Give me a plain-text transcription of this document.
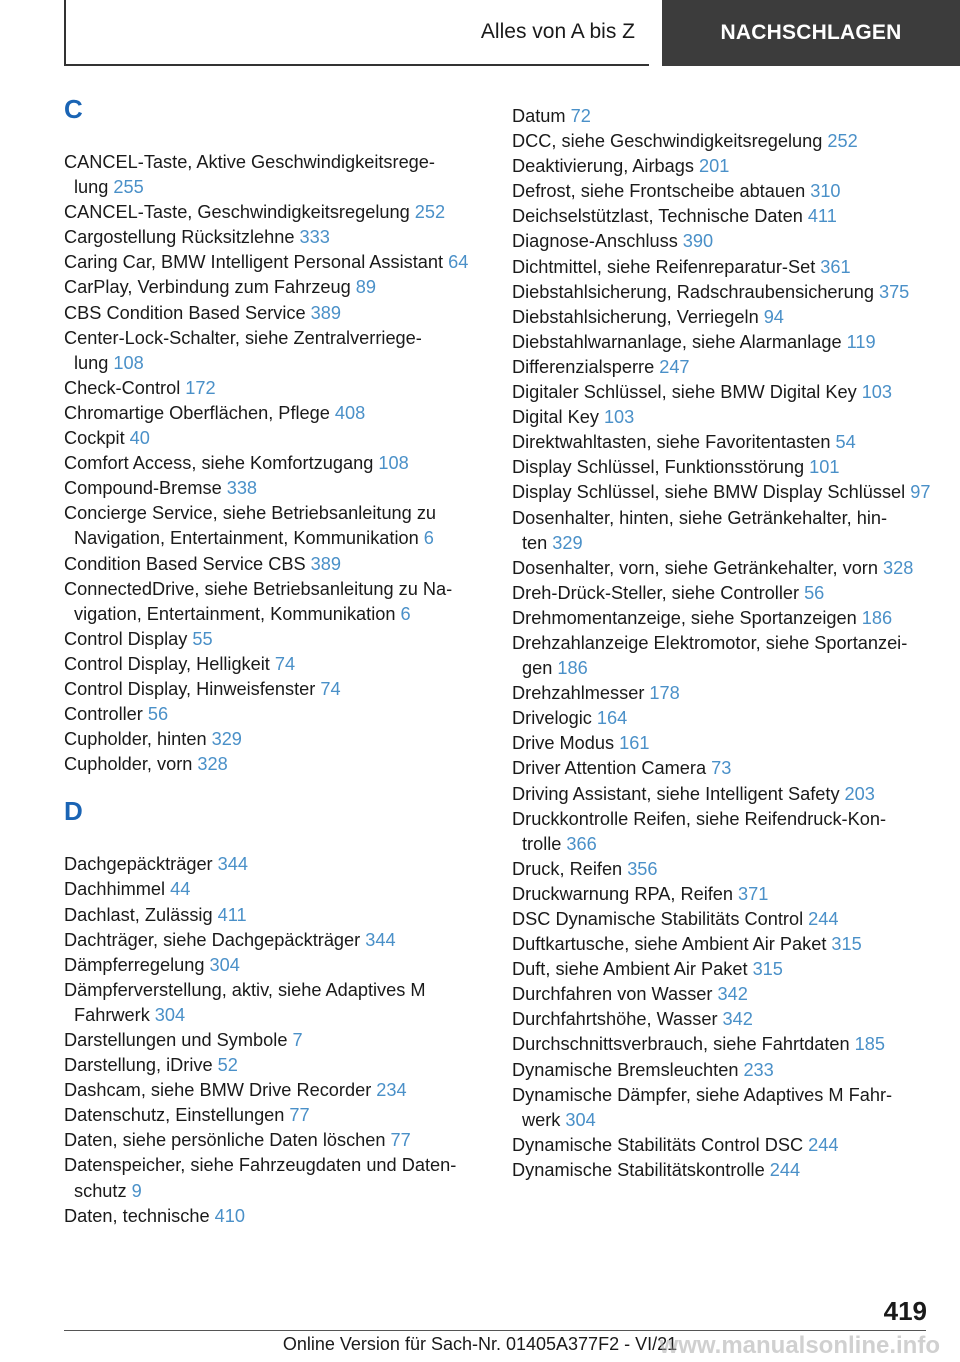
Alles von A bis Z	NACHSCHLAGEN
C
CANCEL-Taste, Aktive Geschwindigkeitsregelung 255
CANCEL-Taste, Geschwindigkeitsregelung 252
Cargostellung Rücksitzlehne 333
Caring Car, BMW Intelligent Personal Assistant 64
CarPlay, Verbindung zum Fahrzeug 89
CBS Condition Based Service 389
Center-Lock-Schalter, siehe Zentralverriegelung 108
Check-Control 172
Chromartige Oberflächen, Pflege 408
Cockpit 40
Comfort Access, siehe Komfortzugang 108
Compound-Bremse 338
Concierge Service, siehe Betriebsanleitung zu Navigation, Entertainment, Kommunikation 6
Condition Based Service CBS 389
ConnectedDrive, siehe Betriebsanleitung zu Navigation, Entertainment, Kommunikation 6
Control Display 55
Control Display, Helligkeit 74
Control Display, Hinweisfenster 74
Controller 56
Cupholder, hinten 329
Cupholder, vorn 328
D
Dachgepäckträger 344
Dachhimmel 44
Dachlast, Zulässig 411
Dachträger, siehe Dachgepäckträger 344
Dämpferregelung 304
Dämpferverstellung, aktiv, siehe Adaptives M Fahrwerk 304
Darstellungen und Symbole 7
Darstellung, iDrive 52
Dashcam, siehe BMW Drive Recorder 234
Datenschutz, Einstellungen 77
Daten, siehe persönliche Daten löschen 77
Datenspeicher, siehe Fahrzeugdaten und Datenschutz 9
Daten, technische 410
Datum 72
DCC, siehe Geschwindigkeitsregelung 252
Deaktivierung, Airbags 201
Defrost, siehe Frontscheibe abtauen 310
Deichselstützlast, Technische Daten 411
Diagnose-Anschluss 390
Dichtmittel, siehe Reifenreparatur-Set 361
Diebstahlsicherung, Radschraubensicherung 375
Diebstahlsicherung, Verriegeln 94
Diebstahlwarnanlage, siehe Alarmanlage 119
Differenzialsperre 247
Digitaler Schlüssel, siehe BMW Digital Key 103
Digital Key 103
Direktwahltasten, siehe Favoritentasten 54
Display Schlüssel, Funktionsstörung 101
Display Schlüssel, siehe BMW Display Schlüssel 97
Dosenhalter, hinten, siehe Getränkehalter, hinten 329
Dosenhalter, vorn, siehe Getränkehalter, vorn 328
Dreh-Drück-Steller, siehe Controller 56
Drehmomentanzeige, siehe Sportanzeigen 186
Drehzahlanzeige Elektromotor, siehe Sportanzeigen 186
Drehzahlmesser 178
Drivelogic 164
Drive Modus 161
Driver Attention Camera 73
Driving Assistant, siehe Intelligent Safety 203
Druckkontrolle Reifen, siehe Reifendruck-Kontrolle 366
Druck, Reifen 356
Druckwarnung RPA, Reifen 371
DSC Dynamische Stabilitäts Control 244
Duftkartusche, siehe Ambient Air Paket 315
Duft, siehe Ambient Air Paket 315
Durchfahren von Wasser 342
Durchfahrtshöhe, Wasser 342
Durchschnittsverbrauch, siehe Fahrtdaten 185
Dynamische Bremsleuchten 233
Dynamische Dämpfer, siehe Adaptives M Fahrwerk 304
Dynamische Stabilitäts Control DSC 244
Dynamische Stabilitätskontrolle 244
419
Online Version für Sach-Nr. 01405A377F2 - VI/21
www.manualsonline.info
